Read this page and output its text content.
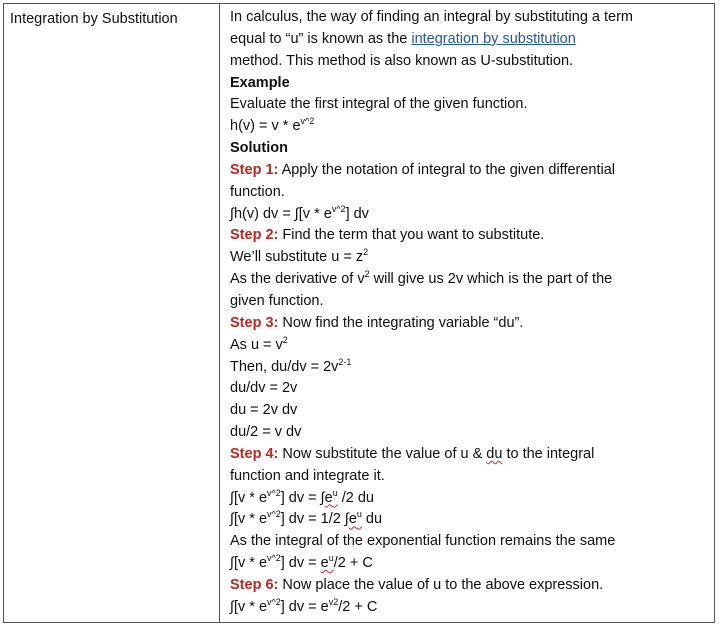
Integration by Substitution	In calculus, the way of finding an integral by substituting a term
equal to “u” is known as the integration by substitution
method. This method is also known as U-substitution.
Example
Evaluate the first integral of the given function.
$h(v) = v * e^{v\^{}2}$
Solution
Step 1: Apply the notation of integral to the given differential
function.
∫h(v) dv = $\int[v * e^{v\^{}2}]$ dv
Step 2: Find the term that you want to substitute.
We’ll substitute $u = z^2$
As the derivative of $v^2$ will give us 2v which is the part of the
given function.
Step 3: Now find the integrating variable “du”.
As $u = v^2$
Then, $du/dv = 2v^{2-1}$
du/dv = 2v
du = 2v dv
du/2 = v dv
Step 4: Now substitute the value of u & du to the integral
function and integrate it.
$\int[v * e^{v\^{}2}]$ dv = $\int e^u$ /2 du
$\int[v * e^{v\^{}2}]$ dv = 1/2 $\int e^u$ du
As the integral of the exponential function remains the same
$\int[v * e^{v\^{}2}]$ dv = $e^u/2 + C$
Step 6: Now place the value of u to the above expression.
$\int[v * e^{v\^{}2}]$ dv = $e^{v2}/2 + C$
